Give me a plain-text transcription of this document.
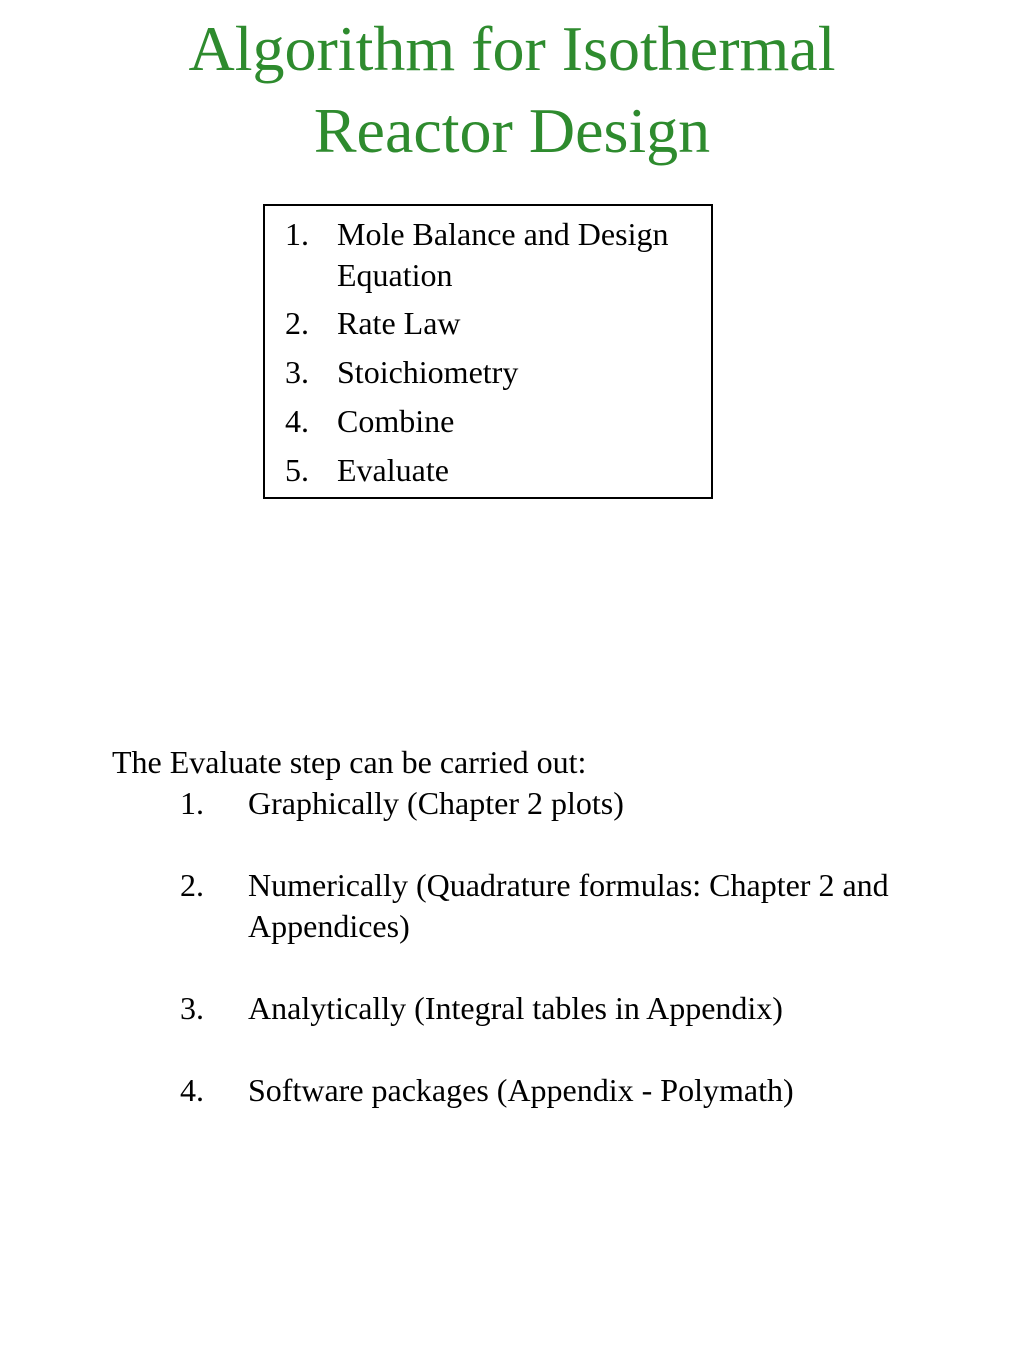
Algorithm for Isothermal
Reactor Design
1. Mole Balance and Design Equation
2. Rate Law
3. Stoichiometry
4. Combine
5. Evaluate
The Evaluate step can be carried out:
1.	Graphically (Chapter 2 plots)
2.	Numerically (Quadrature formulas: Chapter 2 and Appendices)
3.	Analytically (Integral tables in Appendix)
4.	Software packages (Appendix - Polymath)
